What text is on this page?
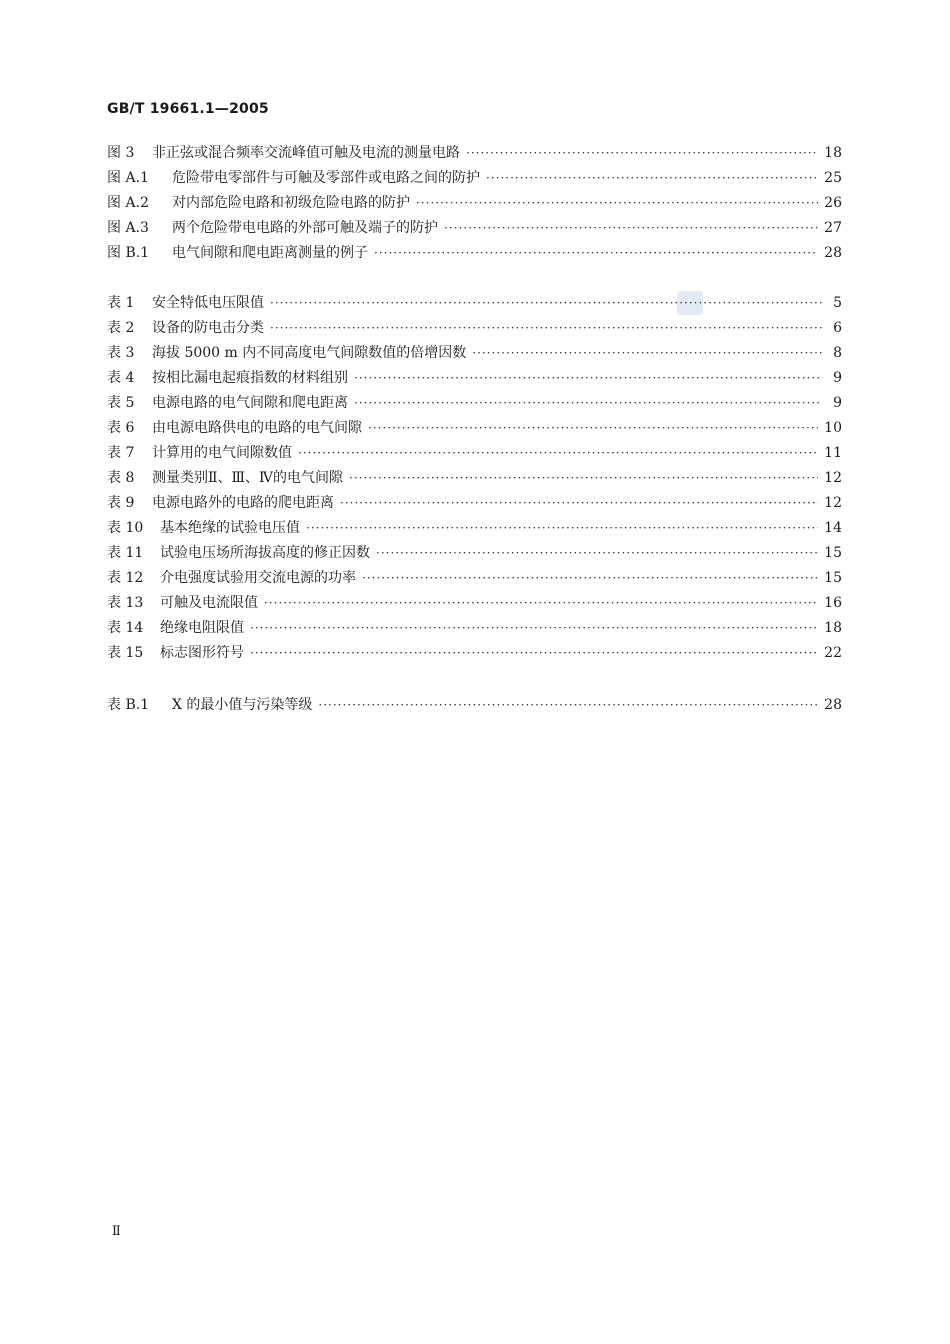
GB/T 19661.1—2005
图 3	非正弦或混合频率交流峰值可触及电流的测量电路 ·····	18
图 A.1	危险带电零部件与可触及零部件或电路之间的防护 ·····	25
图 A.2	对内部危险电路和初级危险电路的防护 ·····	26
图 A.3	两个危险带电电路的外部可触及端子的防护 ·····	27
图 B.1	电气间隙和爬电距离测量的例子 ·····	28
表 1	安全特低电压限值 ·····	5
表 2	设备的防电击分类 ·····	6
表 3	海拔 5000 m 内不同高度电气间隙数值的倍增因数 ·····	8
表 4	按相比漏电起痕指数的材料组别 ·····	9
表 5	电源电路的电气间隙和爬电距离 ·····	9
表 6	由电源电路供电的电路的电气间隙 ·····	10
表 7	计算用的电气间隙数值 ·····	11
表 8	测量类别Ⅱ、Ⅲ、Ⅳ的电气间隙 ·····	12
表 9	电源电路外的电路的爬电距离 ·····	12
表 10	基本绝缘的试验电压值 ·····	14
表 11	试验电压场所海拔高度的修正因数 ·····	15
表 12	介电强度试验用交流电源的功率 ·····	15
表 13	可触及电流限值 ·····	16
表 14	绝缘电阻限值 ·····	18
表 15	标志图形符号 ·····	22
表 B.1	X 的最小值与污染等级 ·····	28
Ⅱ
